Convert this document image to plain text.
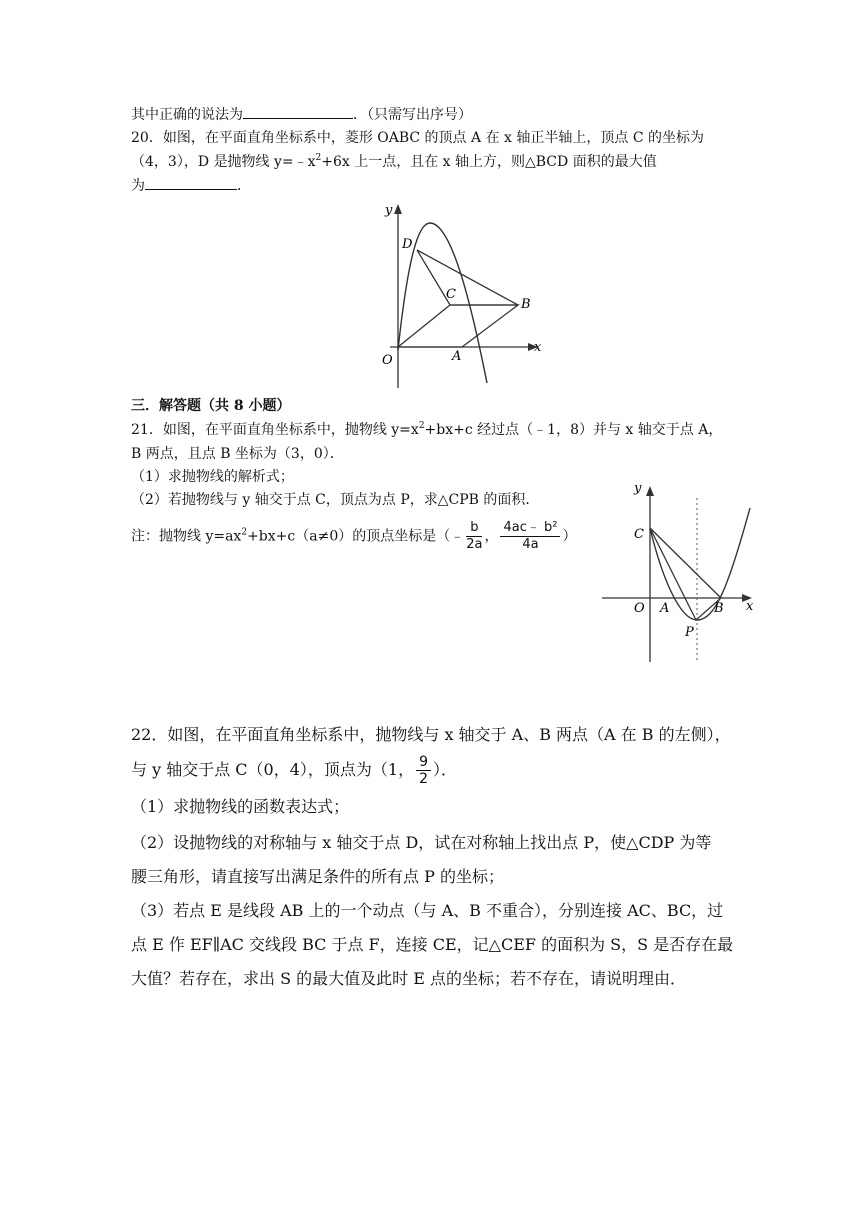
其中正确的说法为	．（只需写出序号）
20．如图，在平面直角坐标系中，菱形 OABC 的顶点 A 在 x 轴正半轴上，顶点 C 的坐标为
（4，3），D 是抛物线 $y=﹣x^2+6x$ 上一点，且在 x 轴上方，则△BCD 面积的最大值
为	．
y
x
O	A
B
C
D
三．解答题（共 8 小题）
21．如图，在平面直角坐标系中，抛物线 $y=x^2+bx+c$ 经过点（﹣1，8）并与 x 轴交于点 A，
B 两点，且点 B 坐标为（3，0）．
（1）求抛物线的解析式；
（2）若抛物线与 y 轴交于点 C，顶点为点 P，求△CPB 的面积．
注：抛物线 $y=ax^2+bx+c(a\ne 0)$的顶点坐标是（﹣ $\frac{b}{2a}$ ， $\frac{\text{4ac﹣ b²}}{4a}$ ）
y
x
C
O A	B
P
22．如图，在平面直角坐标系中，抛物线与 x 轴交于 A、B 两点（A 在 B 的左侧），
与 y 轴交于点 C（0，4），顶点为（1， $\frac{9}{2}$ ）．
（1）求抛物线的函数表达式；
（2）设抛物线的对称轴与 x 轴交于点 D，试在对称轴上找出点 P，使△CDP 为等
腰三角形，请直接写出满足条件的所有点 P 的坐标；
（3）若点 E 是线段 AB 上的一个动点（与 A、B 不重合），分别连接 AC、BC，过
点 E 作 EF∥AC 交线段 BC 于点 F，连接 CE，记△CEF 的面积为 S，S 是否存在最
大值？若存在，求出 S 的最大值及此时 E 点的坐标；若不存在，请说明理由．
